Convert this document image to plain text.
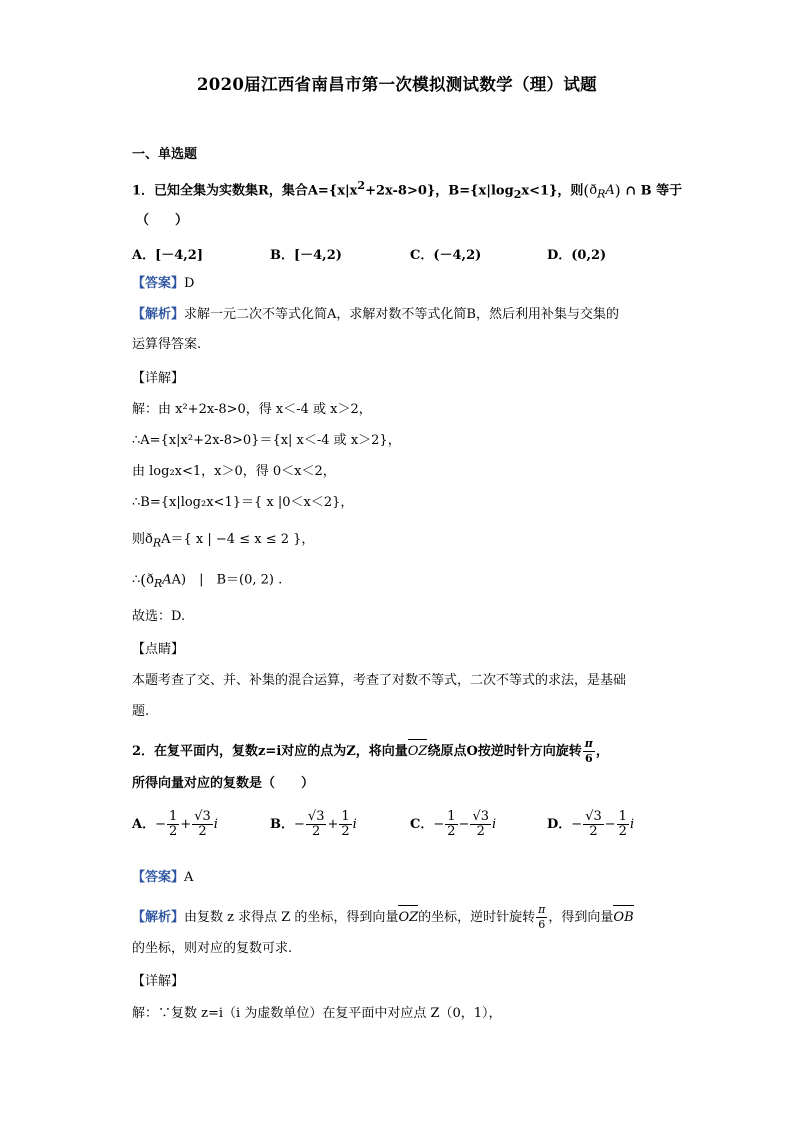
2020届江西省南昌市第一次模拟测试数学（理）试题
一、单选题
1．已知全集为实数集R，集合$A=\{x|x^2+2x-8>0\}$，$B=\{x|\log_2x<1\}$，则$(ð_RA)$ ∩ B 等于
（　　）
A．[－4,2]	B．[－4,2)	C．(－4,2)	D．(0,2)
【答案】D
【解析】求解一元二次不等式化简A，求解对数不等式化简B，然后利用补集与交集的
运算得答案.
【详解】
解：由 x²+2x-8>0，得 x＜-4 或 x＞2，
∴A={x|x²+2x-8>0}＝{x| x＜-4 或 x＞2}，
由 log₂x<1，x＞0，得 0＜x＜2，
∴B={x|log₂x<1}＝{ x |0＜x＜2}，
则$ð_RA=${ x | −4 ≤ x ≤ 2 }，
$\therefore(ð_RAA)$　|　B＝(0, 2) .
故选：D.
【点睛】
本题考查了交、并、补集的混合运算，考查了对数不等式，二次不等式的求法，是基础
题.
2．在复平面内，复数z=i对应的点为Z，将向量OZ绕原点O按逆时针方向旋转 $\frac{\pi}{6}$ ，
所得向量对应的复数是（　　）
A．− $\frac{1}{2} + \frac{√3}{2}$ i	B．− $\frac{√3}{2} + \frac{1}{2}$ i	C．− $\frac{1}{2} - \frac{√3}{2}$ i	D．− $\frac{√3}{2} - \frac{1}{2}$ i
【答案】A
【解析】由复数 z 求得点 Z 的坐标，得到向量OZ的坐标，逆时针旋转 $\frac{\pi}{6}$ ，得到向量OB
的坐标，则对应的复数可求.
【详解】
解：∵复数 z=i（i 为虚数单位）在复平面中对应点 Z（0，1），
